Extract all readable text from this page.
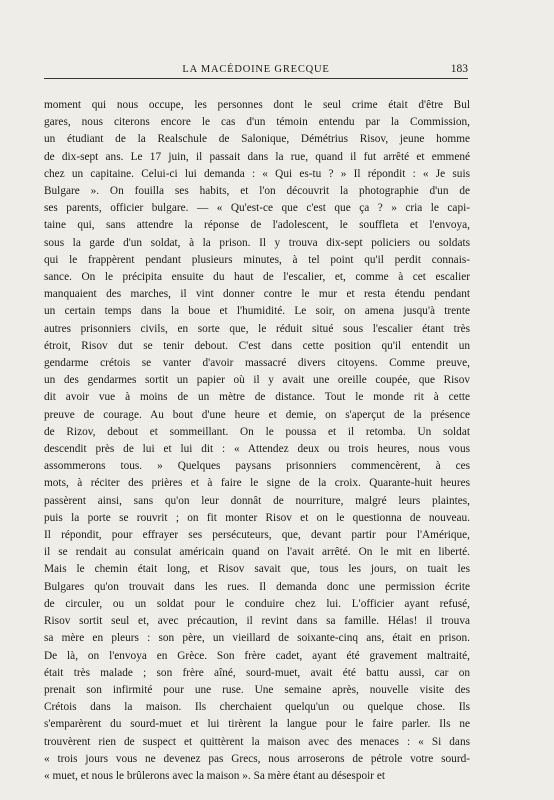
LA MACÉDOINE GRECQUE	183
moment qui nous occupe, les personnes dont le seul crime était d'être Bul
gares, nous citerons encore le cas d'un témoin entendu par la Commission,
un étudiant de la Realschule de Salonique, Démétrius Risov, jeune homme
de dix-sept ans. Le 17 juin, il passait dans la rue, quand il fut arrêté et emmené
chez un capitaine. Celui-ci lui demanda : « Qui es-tu ? » Il répondit : « Je suis
Bulgare ». On fouilla ses habits, et l'on découvrit la photographie d'un de
ses parents, officier bulgare. — « Qu'est-ce que c'est que ça ? » cria le capi-
taine qui, sans attendre la réponse de l'adolescent, le souffleta et l'envoya,
sous la garde d'un soldat, à la prison. Il y trouva dix-sept policiers ou soldats
qui le frappèrent pendant plusieurs minutes, à tel point qu'il perdit connais-
sance. On le précipita ensuite du haut de l'escalier, et, comme à cet escalier
manquaient des marches, il vint donner contre le mur et resta étendu pendant
un certain temps dans la boue et l'humidité. Le soir, on amena jusqu'à trente
autres prisonniers civils, en sorte que, le réduit situé sous l'escalier étant très
étroit, Risov dut se tenir debout. C'est dans cette position qu'il entendit un
gendarme crétois se vanter d'avoir massacré divers citoyens. Comme preuve,
un des gendarmes sortit un papier où il y avait une oreille coupée, que Risov
dit avoir vue à moins de un mètre de distance. Tout le monde rit à cette
preuve de courage. Au bout d'une heure et demie, on s'aperçut de la présence
de Rizov, debout et sommeillant. On le poussa et il retomba. Un soldat
descendit près de lui et lui dit : « Attendez deux ou trois heures, nous vous
assommerons tous. » Quelques paysans prisonniers commencèrent, à ces
mots, à réciter des prières et à faire le signe de la croix. Quarante-huit heures
passèrent ainsi, sans qu'on leur donnât de nourriture, malgré leurs plaintes,
puis la porte se rouvrit ; on fit monter Risov et on le questionna de nouveau.
Il répondit, pour effrayer ses persécuteurs, que, devant partir pour l'Amérique,
il se rendait au consulat américain quand on l'avait arrêté. On le mit en liberté.
Mais le chemin était long, et Risov savait que, tous les jours, on tuait les
Bulgares qu'on trouvait dans les rues. Il demanda donc une permission écrite
de circuler, ou un soldat pour le conduire chez lui. L'officier ayant refusé,
Risov sortit seul et, avec précaution, il revint dans sa famille. Hélas! il trouva
sa mère en pleurs : son père, un vieillard de soixante-cinq ans, était en prison.
De là, on l'envoya en Grèce. Son frère cadet, ayant été gravement maltraité,
était très malade ; son frère aîné, sourd-muet, avait été battu aussi, car on
prenait son infirmité pour une ruse. Une semaine après, nouvelle visite des
Crétois dans la maison. Ils cherchaient quelqu'un ou quelque chose. Ils
s'emparèrent du sourd-muet et lui tirèrent la langue pour le faire parler. Ils ne
trouvèrent rien de suspect et quittèrent la maison avec des menaces : « Si dans
« trois jours vous ne devenez pas Grecs, nous arroserons de pétrole votre sourd-
« muet, et nous le brûlerons avec la maison ». Sa mère étant au désespoir et
